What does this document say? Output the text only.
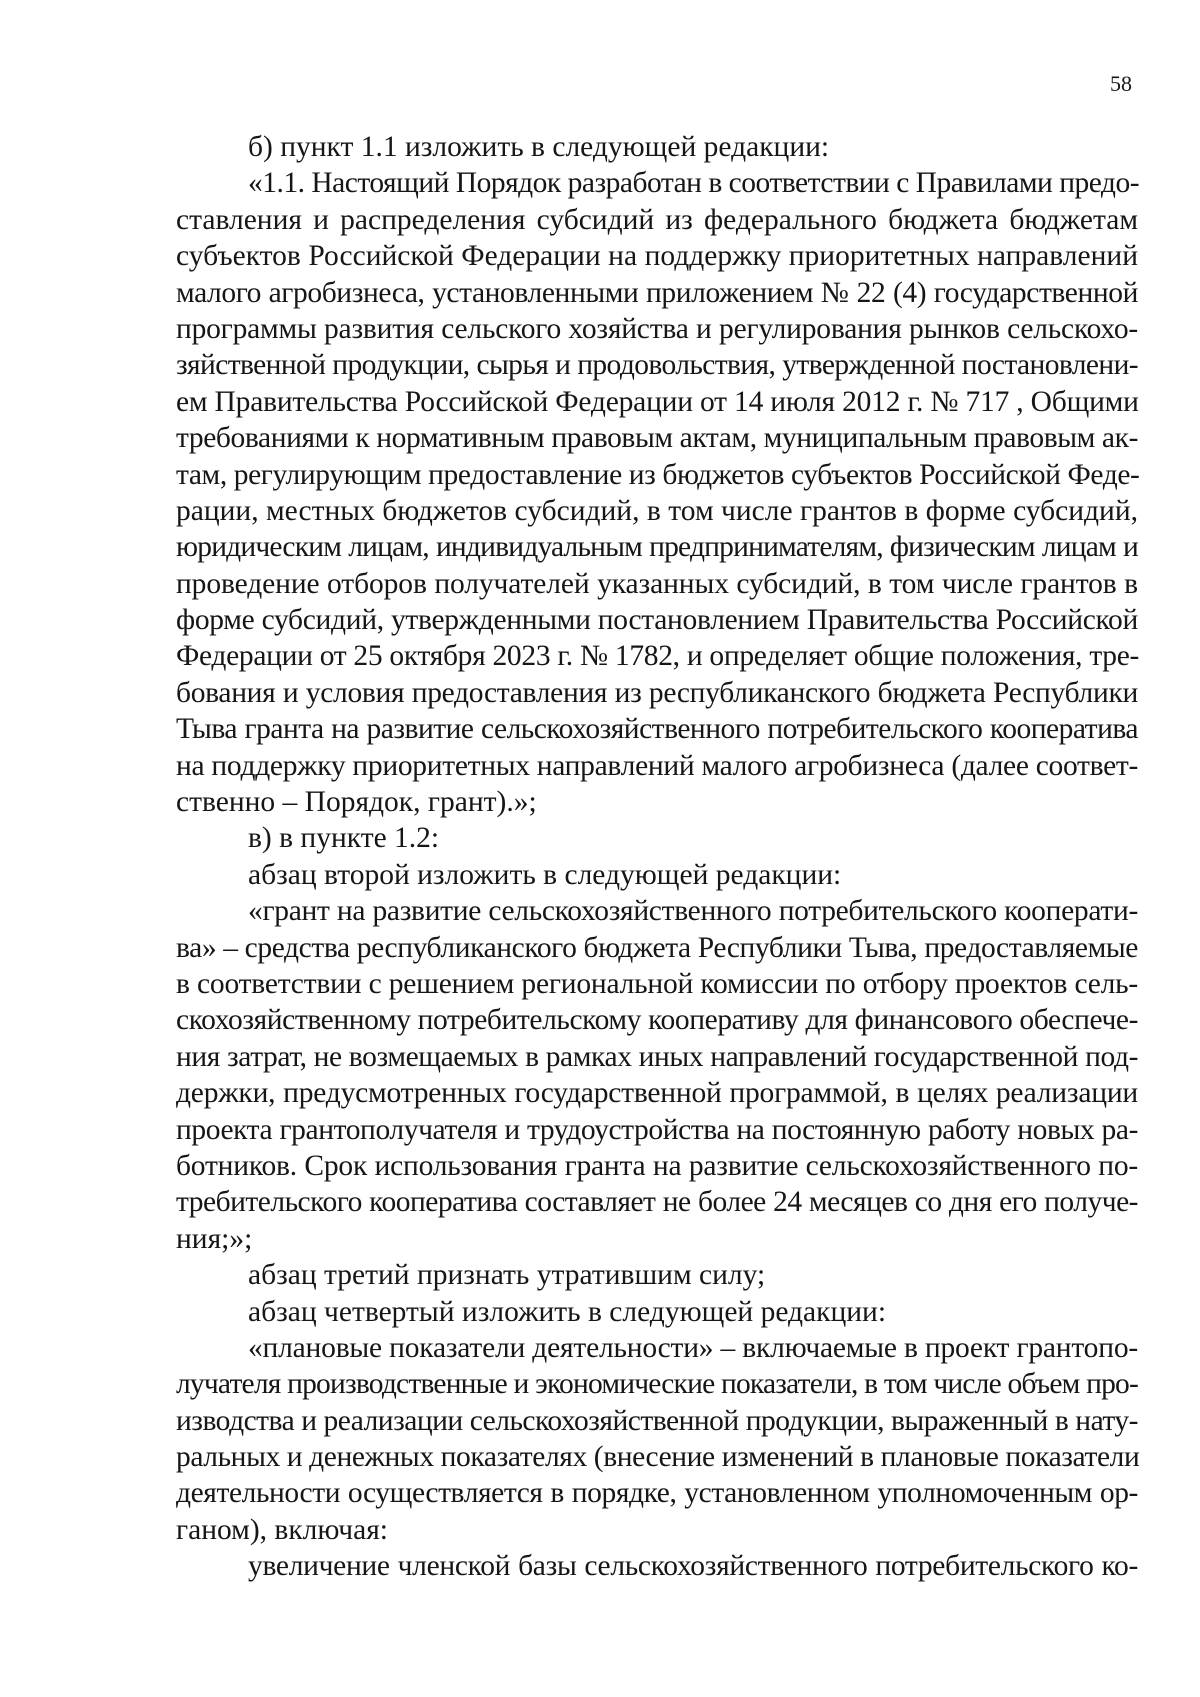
58
б) пункт 1.1 изложить в следующей редакции:
«1.1. Настоящий Порядок разработан в соответствии с Правилами предо-
ставления и распределения субсидий из федерального бюджета бюджетам
субъектов Российской Федерации на поддержку приоритетных направлений
малого агробизнеса, установленными приложением № 22 (4) государственной
программы развития сельского хозяйства и регулирования рынков сельскохо-
зяйственной продукции, сырья и продовольствия, утвержденной постановлени-
ем Правительства Российской Федерации от 14 июля 2012 г. № 717 , Общими
требованиями к нормативным правовым актам, муниципальным правовым ак-
там, регулирующим предоставление из бюджетов субъектов Российской Феде-
рации, местных бюджетов субсидий, в том числе грантов в форме субсидий,
юридическим лицам, индивидуальным предпринимателям, физическим лицам и
проведение отборов получателей указанных субсидий, в том числе грантов в
форме субсидий, утвержденными постановлением Правительства Российской
Федерации от 25 октября 2023 г. № 1782, и определяет общие положения, тре-
бования и условия предоставления из республиканского бюджета Республики
Тыва гранта на развитие сельскохозяйственного потребительского кооператива
на поддержку приоритетных направлений малого агробизнеса (далее соответ-
ственно – Порядок, грант).»;
в) в пункте 1.2:
абзац второй изложить в следующей редакции:
«грант на развитие сельскохозяйственного потребительского кооперати-
ва» – средства республиканского бюджета Республики Тыва, предоставляемые
в соответствии с решением региональной комиссии по отбору проектов сель-
скохозяйственному потребительскому кооперативу для финансового обеспече-
ния затрат, не возмещаемых в рамках иных направлений государственной под-
держки, предусмотренных государственной программой, в целях реализации
проекта грантополучателя и трудоустройства на постоянную работу новых ра-
ботников. Срок использования гранта на развитие сельскохозяйственного по-
требительского кооператива составляет не более 24 месяцев со дня его получе-
ния;»;
абзац третий признать утратившим силу;
абзац четвертый изложить в следующей редакции:
«плановые показатели деятельности» – включаемые в проект грантопо-
лучателя производственные и экономические показатели, в том числе объем про-
изводства и реализации сельскохозяйственной продукции, выраженный в нату-
ральных и денежных показателях (внесение изменений в плановые показатели
деятельности осуществляется в порядке, установленном уполномоченным ор-
ганом), включая:
увеличение членской базы сельскохозяйственного потребительского ко-
